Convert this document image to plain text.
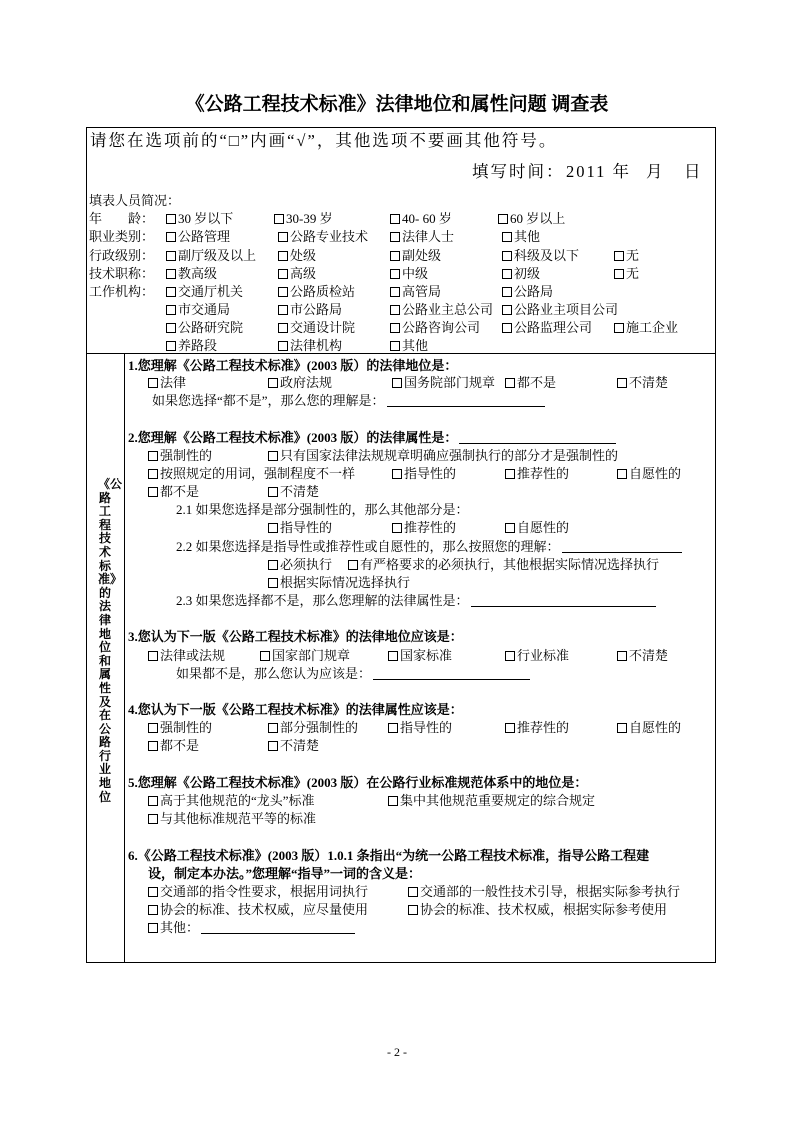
《公路工程技术标准》法律地位和属性问题 调查表
请您在选项前的“□”内画“√”，其他选项不要画其他符号。
填写时间： 2011 年 月 日
填表人员简况：
年　　龄：	30 岁以下	30-39 岁	40- 60 岁	60 岁以上
职业类别：	公路管理	公路专业技术	法律人士	其他
行政级别：	副厅级及以上	处级	副处级	科级及以下	无
技术职称：	教高级	高级	中级	初级	无
工作机构：	交通厅机关	公路质检站	高管局	公路局
市交通局	市公路局	公路业主总公司	公路业主项目公司
公路研究院	交通设计院	公路咨询公司	公路监理公司	施工企业
养路段	法律机构	其他
《公路工程技术标准》的法律地位和属性及在公路行业地位
1.您理解《公路工程技术标准》(2003 版）的法律地位是：
法律	政府法规	国务院部门规章	都不是	不清楚
如果您选择“都不是”，那么您的理解是：
2.您理解《公路工程技术标准》(2003 版）的法律属性是：
强制性的	只有国家法律法规规章明确应强制执行的部分才是强制性的
按照规定的用词，强制程度不一样	指导性的	推荐性的	自愿性的
都不是	不清楚
2.1 如果您选择是部分强制性的，那么其他部分是：
指导性的	推荐性的	自愿性的
2.2 如果您选择是指导性或推荐性或自愿性的，那么按照您的理解：
必须执行	有严格要求的必须执行，其他根据实际情况选择执行
根据实际情况选择执行
2.3 如果您选择都不是，那么您理解的法律属性是：
3.您认为下一版《公路工程技术标准》的法律地位应该是：
法律或法规	国家部门规章	国家标准	行业标准	不清楚
如果都不是，那么您认为应该是：
4.您认为下一版《公路工程技术标准》的法律属性应该是：
强制性的	部分强制性的	指导性的	推荐性的	自愿性的
都不是	不清楚
5.您理解《公路工程技术标准》(2003 版）在公路行业标准规范体系中的地位是：
高于其他规范的“龙头”标准	集中其他规范重要规定的综合规定
与其他标准规范平等的标准
6.《公路工程技术标准》(2003 版）1.0.1 条指出“为统一公路工程技术标准，指导公路工程建
设，制定本办法。”您理解“指导”一词的含义是：
交通部的指令性要求，根据用词执行	交通部的一般性技术引导，根据实际参考执行
协会的标准、技术权威，应尽量使用	协会的标准、技术权威，根据实际参考使用
其他：
- 2 -
